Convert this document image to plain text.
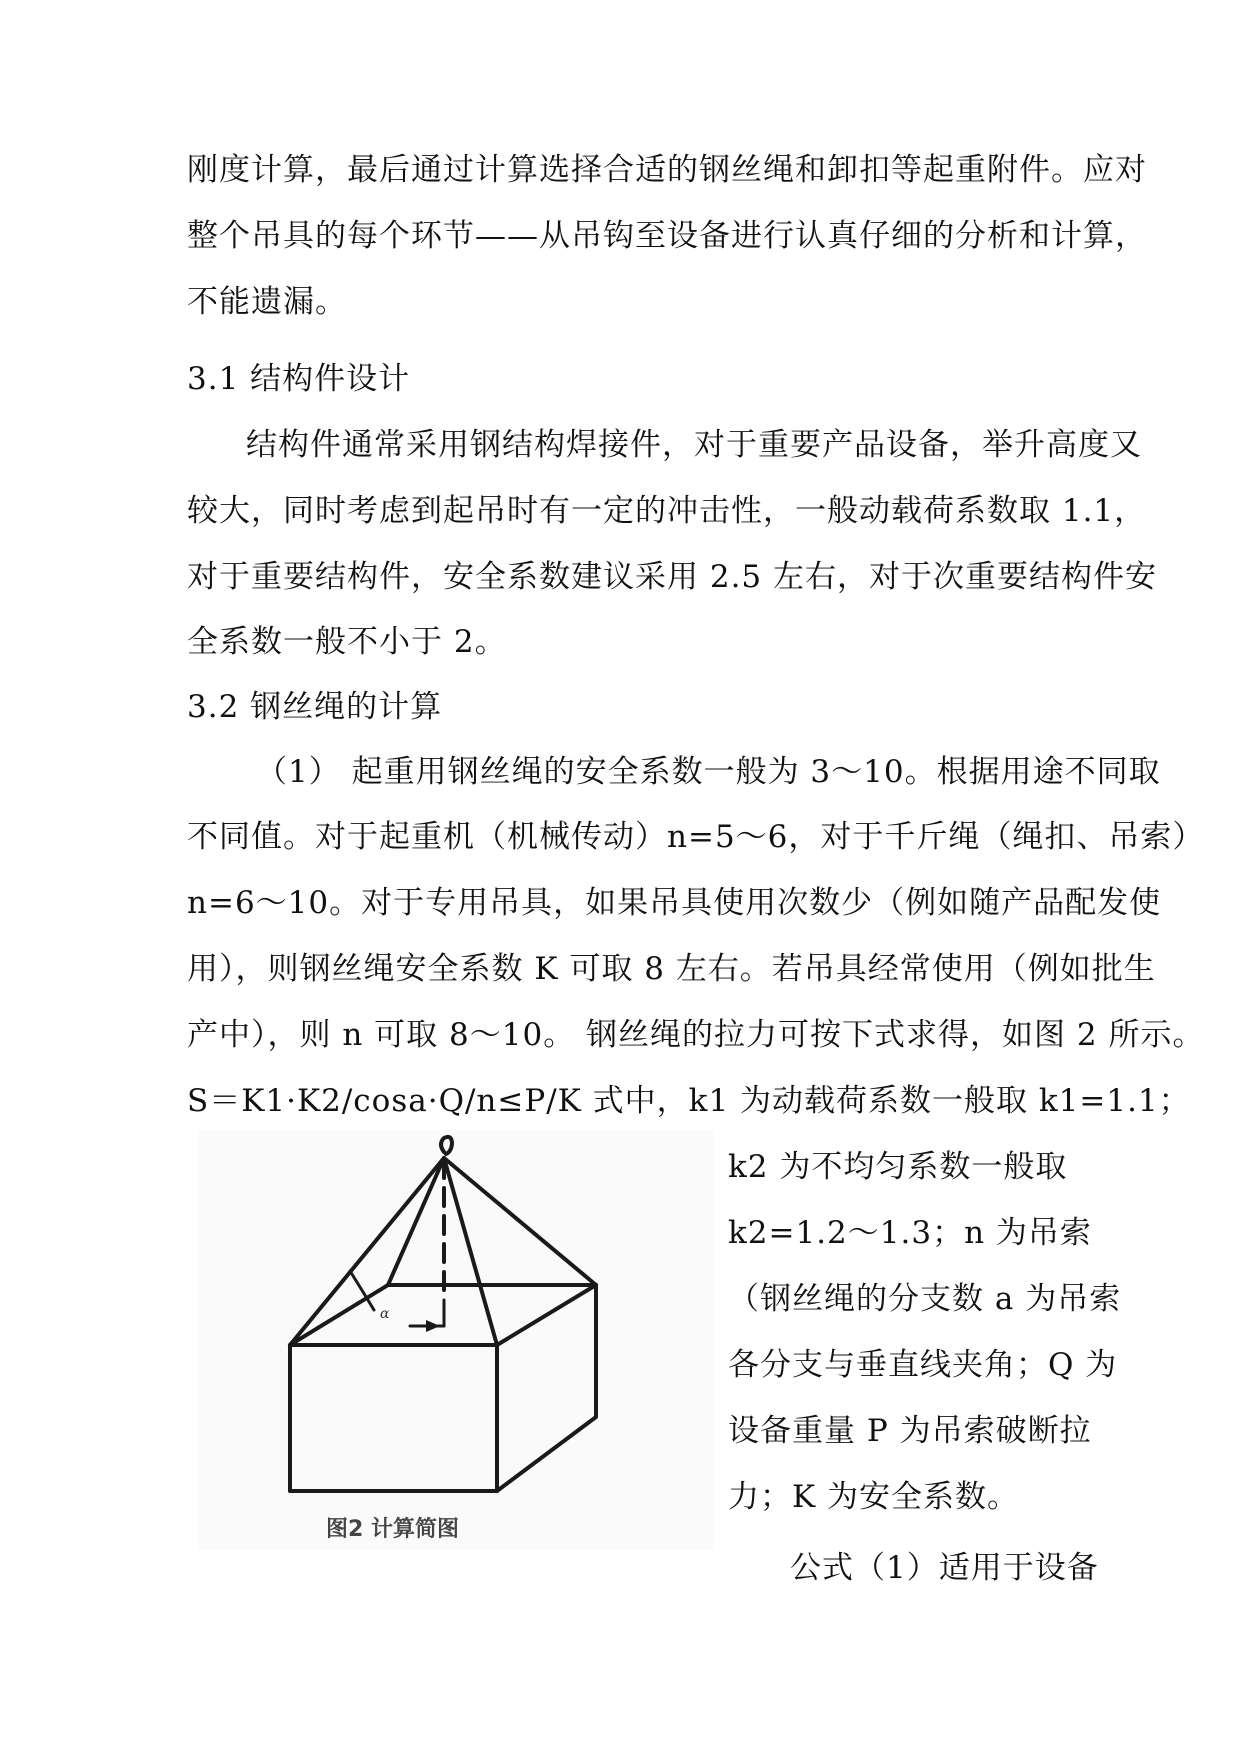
刚度计算，最后通过计算选择合适的钢丝绳和卸扣等起重附件。应对
整个吊具的每个环节——从吊钩至设备进行认真仔细的分析和计算，
不能遗漏。
3.1 结构件设计
结构件通常采用钢结构焊接件，对于重要产品设备，举升高度又
较大，同时考虑到起吊时有一定的冲击性，一般动载荷系数取 1.1，
对于重要结构件，安全系数建议采用 2.5 左右，对于次重要结构件安
全系数一般不小于 2。
3.2 钢丝绳的计算
（1） 起重用钢丝绳的安全系数一般为 3～10。根据用途不同取
不同值。对于起重机（机械传动）n=5～6，对于千斤绳（绳扣、吊索）
n=6～10。对于专用吊具，如果吊具使用次数少（例如随产品配发使
用），则钢丝绳安全系数 K 可取 8 左右。若吊具经常使用（例如批生
产中），则 n 可取 8～10。 钢丝绳的拉力可按下式求得，如图 2 所示。
S＝K1·K2/cosa·Q/n≤P/K 式中，k1 为动载荷系数一般取 k1=1.1；
k2 为不均匀系数一般取
k2=1.2～1.3；n 为吊索
（钢丝绳的分支数 a 为吊索
各分支与垂直线夹角；Q 为
设备重量 P 为吊索破断拉
力；K 为安全系数。
公式（1）适用于设备
α
图2 计算简图
